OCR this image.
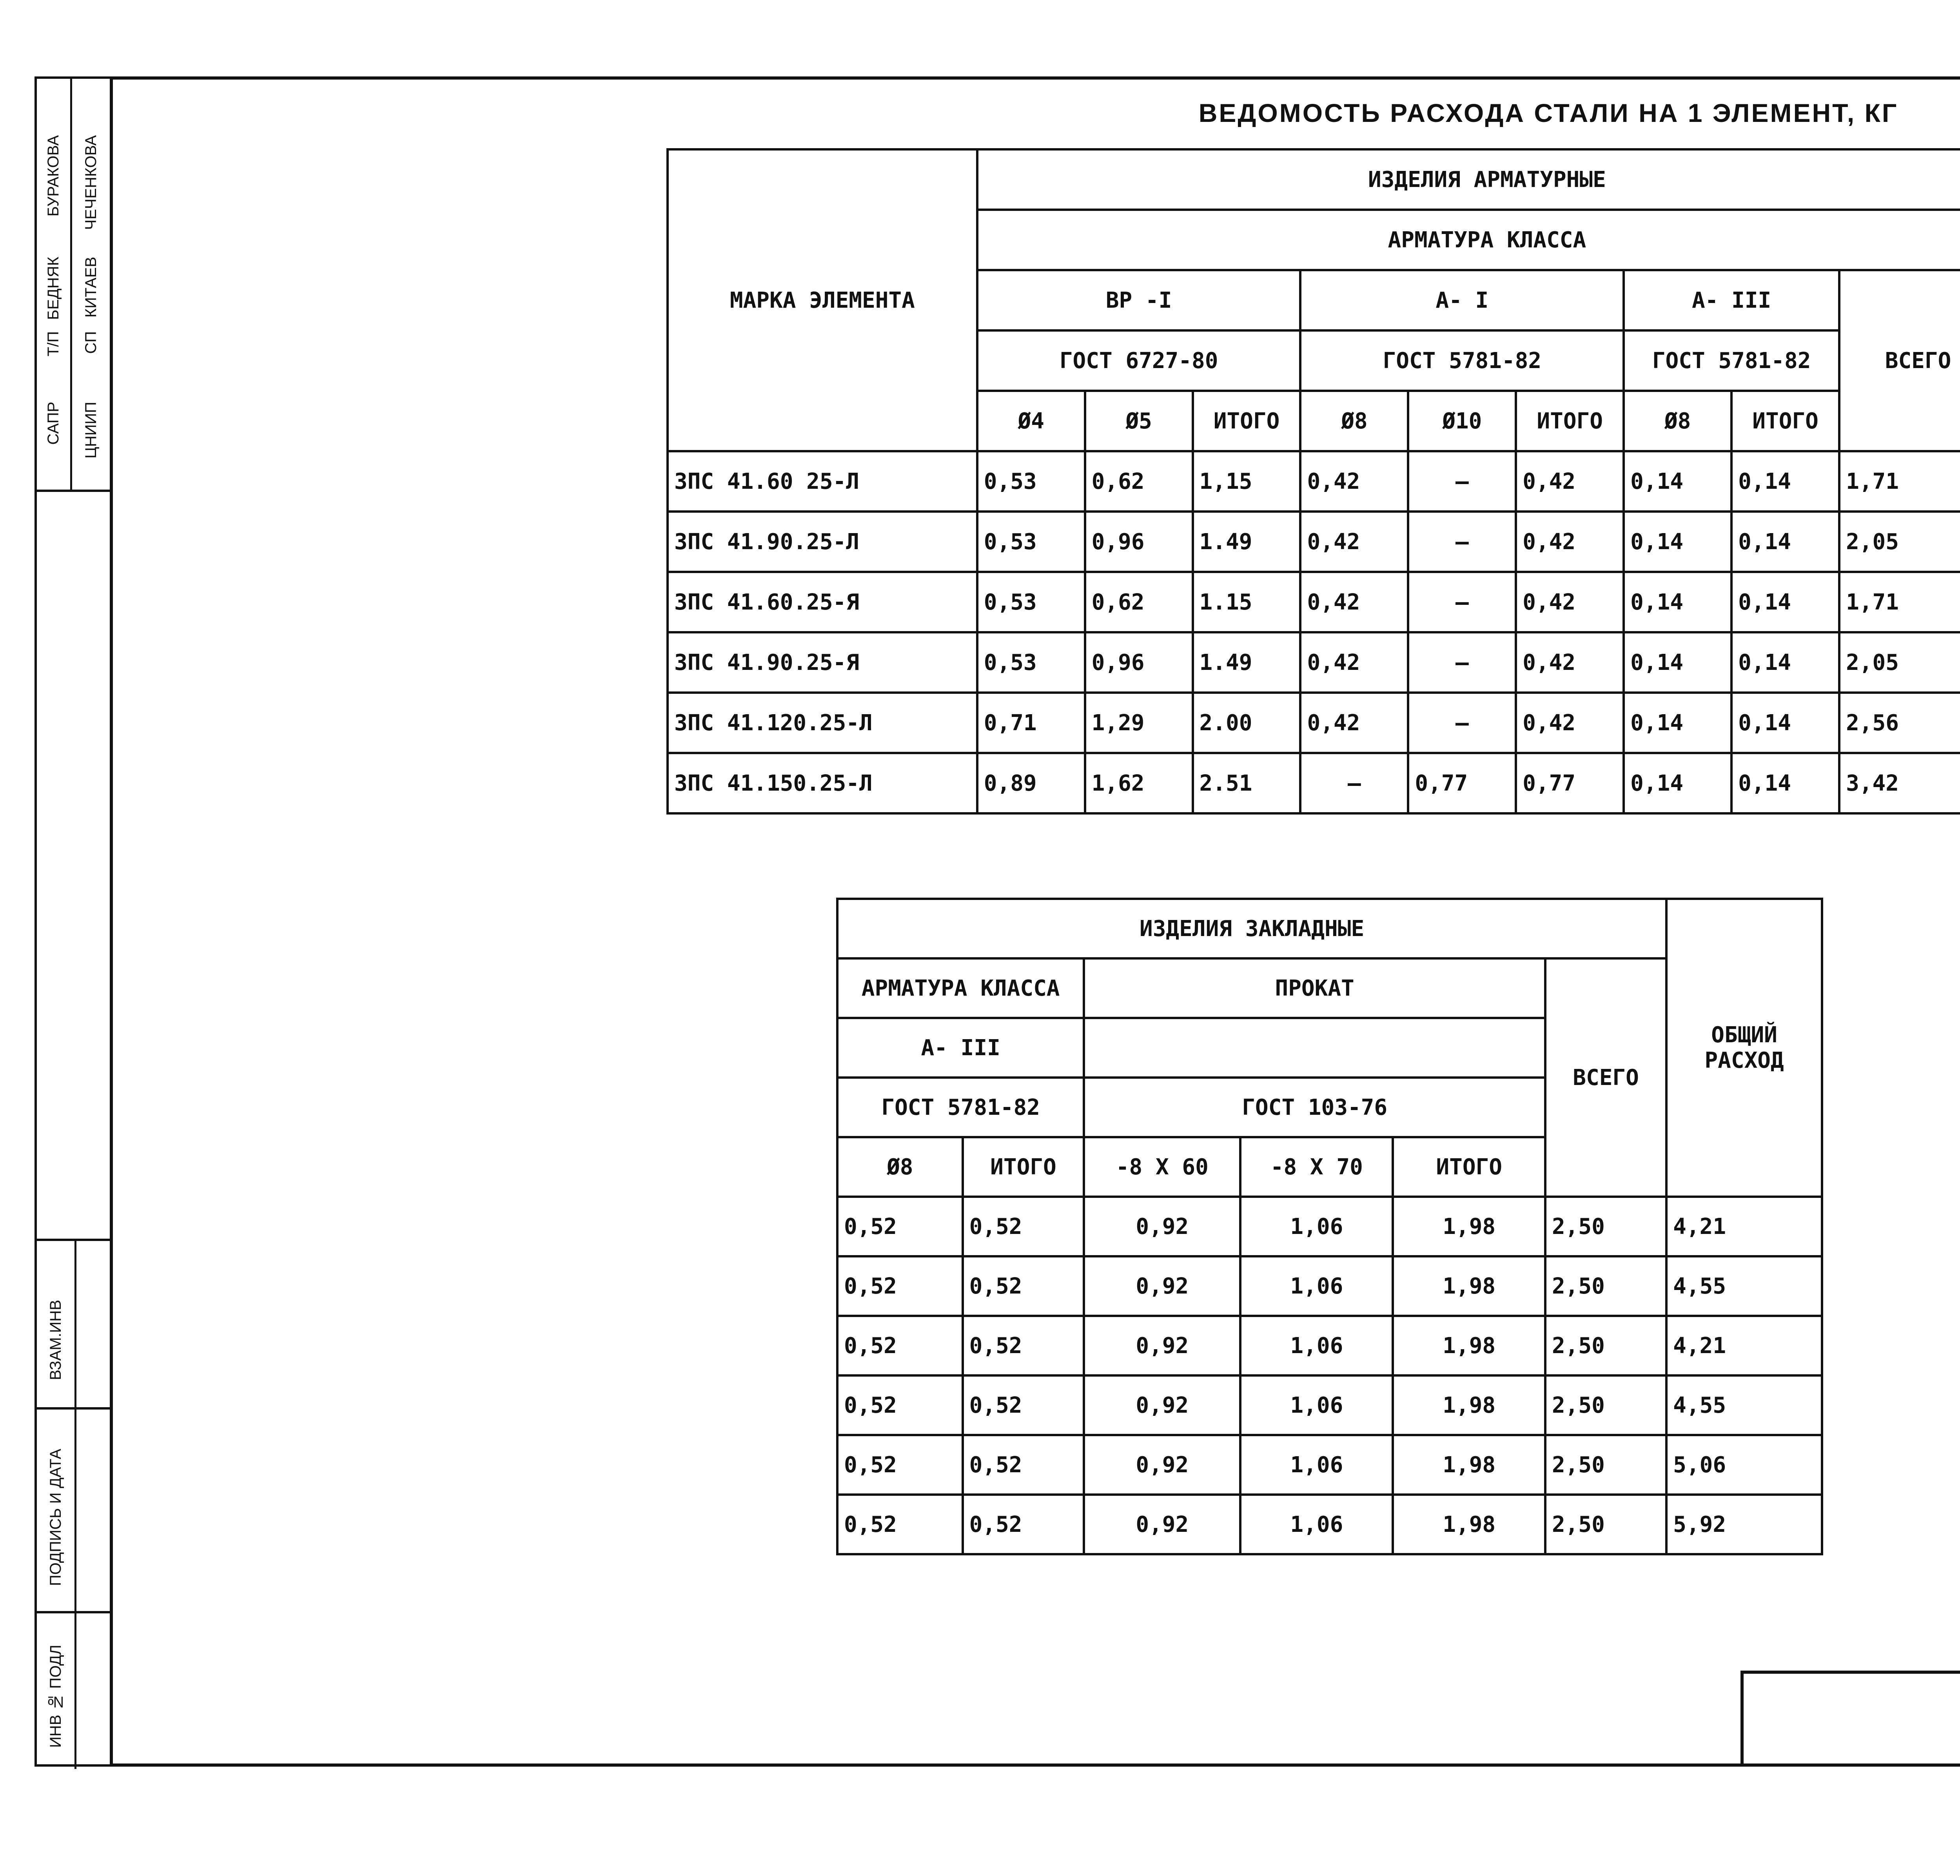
САПР
Т/П
БЕДНЯК
БУРАКОВА
ЦНИИП
СП
КИТАЕВ
ЧЕЧЕНКОВА
ВЗАМ.ИНВ
ПОДПИСЬ И ДАТА
ИНВ № ПОДЛ
ВЕДОМОСТЬ РАСХОДА СТАЛИ НА 1 ЭЛЕМЕНТ, КГ
МАРКА ЭЛЕМЕНТА	ИЗДЕЛИЯ АРМАТУРНЫЕ								
	АРМАТУРА КЛАССА								
	ВР -I			А- I			А- III		ВСЕГО
	ГОСТ 6727-80			ГОСТ 5781-82			ГОСТ 5781-82		
	Ø4	Ø5	ИТОГО	Ø8	Ø10	ИТОГО	Ø8	ИТОГО	
ЗПС 41.60 25-Л	0,53	0,62	1,15	0,42	–	0,42	0,14	0,14	1,71
ЗПС 41.90.25-Л	0,53	0,96	1.49	0,42	–	0,42	0,14	0,14	2,05
ЗПС 41.60.25-Я	0,53	0,62	1.15	0,42	–	0,42	0,14	0,14	1,71
ЗПС 41.90.25-Я	0,53	0,96	1.49	0,42	–	0,42	0,14	0,14	2,05
ЗПС 41.120.25-Л	0,71	1,29	2.00	0,42	–	0,42	0,14	0,14	2,56
ЗПС 41.150.25-Л	0,89	1,62	2.51	–	0,77	0,77	0,14	0,14	3,42
ИЗДЕЛИЯ ЗАКЛАДНЫЕ						ОБЩИЙ РАСХОД
АРМАТУРА КЛАССА		ПРОКАТ			ВСЕГО	
А- III						
ГОСТ 5781-82		ГОСТ 103-76				
Ø8	ИТОГО	-8 Х 60	-8 Х 70	ИТОГО		
0,52	0,52	0,92	1,06	1,98	2,50	4,21
0,52	0,52	0,92	1,06	1,98	2,50	4,55
0,52	0,52	0,92	1,06	1,98	2,50	4,21
0,52	0,52	0,92	1,06	1,98	2,50	4,55
0,52	0,52	0,92	1,06	1,98	2,50	5,06
0,52	0,52	0,92	1,06	1,98	2,50	5,92
